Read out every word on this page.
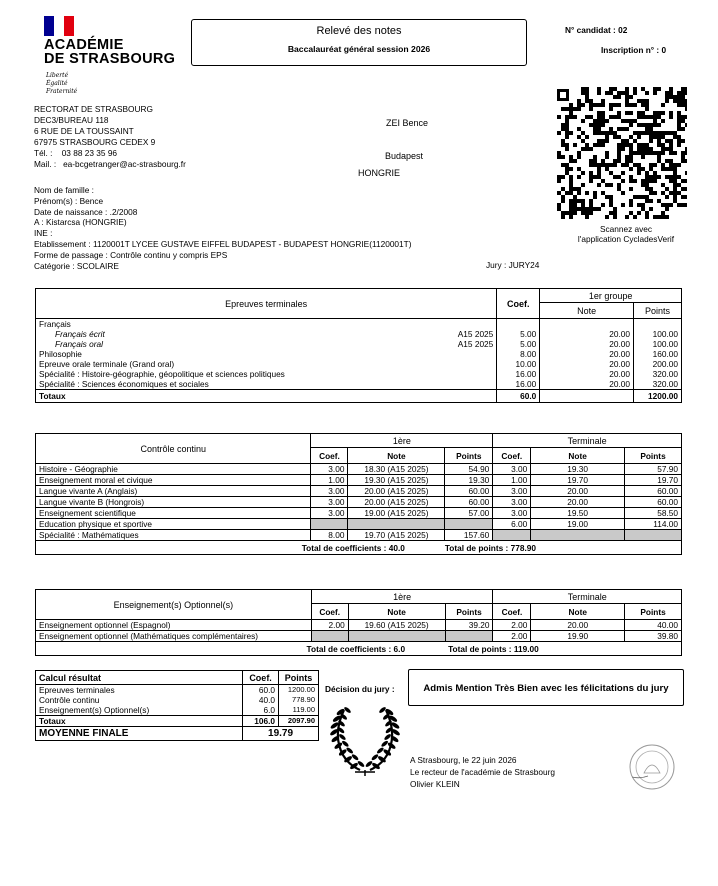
ACADÉMIE
DE STRASBOURG
Liberté
Égalité
Fraternité
RECTORAT DE STRASBOURG
DEC3/BUREAU 118
6 RUE DE LA TOUSSAINT
67975 STRASBOURG CEDEX 9
Tél. : 03 88 23 35 96
Mail. : ea-bcgetranger@ac-strasbourg.fr
Relevé des notes
Baccalauréat général session 2026
N° candidat : 02
Inscription n° : 0
Scannez avec
l'application CycladesVerif
ZEI Bence
Budapest
HONGRIE
Nom de famille :
Prénom(s) : Bence
Date de naissance : .2/2008
A : Kistarcsa (HONGRIE)
INE :
Etablissement : 1120001T LYCEE GUSTAVE EIFFEL BUDAPEST - BUDAPEST HONGRIE(1120001T)
Forme de passage : Contrôle continu y compris EPS
Catégorie : SCOLAIRE	Jury : JURY24
Epreuves terminales	Coef.	1er groupe	
		Note	Points
Français			
Français écrit A15 2025	5.00	20.00	100.00
Français oral A15 2025	5.00	20.00	100.00
Philosophie	8.00	20.00	160.00
Epreuve orale terminale (Grand oral)	10.00	20.00	200.00
Spécialité : Histoire-géographie, géopolitique et sciences politiques	16.00	20.00	320.00
Spécialité : Sciences économiques et sociales	16.00	20.00	320.00
Totaux	60.0		1200.00
Contrôle continu	1ère			Terminale		
	Coef.	Note	Points	Coef.	Note	Points
Histoire - Géographie	3.00	18.30 (A15 2025)	54.90	3.00	19.30	57.90
Enseignement moral et civique	1.00	19.30 (A15 2025)	19.30	1.00	19.70	19.70
Langue vivante A (Anglais)	3.00	20.00 (A15 2025)	60.00	3.00	20.00	60.00
Langue vivante B (Hongrois)	3.00	20.00 (A15 2025)	60.00	3.00	20.00	60.00
Enseignement scientifique	3.00	19.00 (A15 2025)	57.00	3.00	19.50	58.50
Education physique et sportive				6.00	19.00	114.00
Spécialité : Mathématiques	8.00	19.70 (A15 2025)	157.60			
Total de coefficients : 40.0			Total de points : 778.90			
Enseignement(s) Optionnel(s)	1ère			Terminale		
	Coef.	Note	Points	Coef.	Note	Points
Enseignement optionnel (Espagnol)	2.00	19.60 (A15 2025)	39.20	2.00	20.00	40.00
Enseignement optionnel (Mathématiques complémentaires)				2.00	19.90	39.80
Total de coefficients : 6.0			Total de points : 119.00			
Calcul résultat	Coef.	Points
Epreuves terminales	60.0	1200.00
Contrôle continu	40.0	778.90
Enseignement(s) Optionnel(s)	6.0	119.00
Totaux	106.0	2097.90
MOYENNE FINALE	19.79	
Décision du jury :	Admis Mention Très Bien avec les félicitations du jury
A Strasbourg, le 22 juin 2026
Le recteur de l'académie de Strasbourg
Olivier KLEIN
